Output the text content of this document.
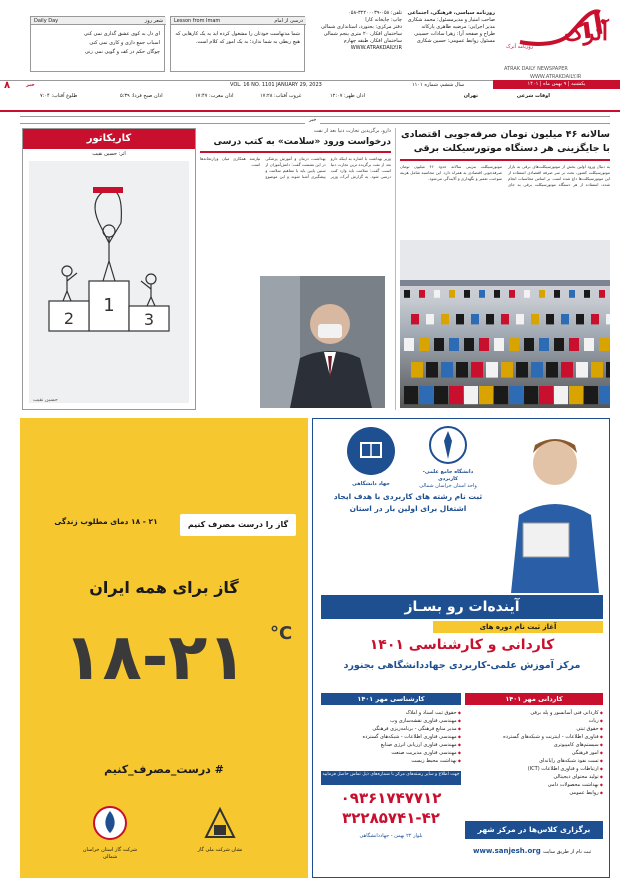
Daily Day	شعر روز
ای دل به کوی عشق گذاری نمی کنی
اسباب جمع داری و کاری نمی کنی
چوگان حکم در کف و گویی نمی زنی
Lesson from Imam	درسی از امام
شما مدتهاست خودتان را مشغول کرده اید به یک کارهایی که هیچ ربطی به شما ندارد؛ به یک امور که کلام است.
تلفن: ۰۵۸-۳۲۲۰۰۰۳۹-۰۵۸
چاپ: چاپخانه کارا
دفتر مرکزی: بجنورد، استانداری شمالی
ساختمان افکار، ۲۰ متری پنجم شمالی ساختمان افکار، طبقه چهارم
WWW.ATRAKDAILY.IR
روزنامه سیاسی، فرهنگی، اجتماعی
صاحب امتیاز و مدیرمسئول: محمد شکاری
مدیر اجرایی: مرضیه طاهری پارکانه
طراح و صفحه آرا: زهرا سادات حسینی
مسئول روابط عمومی: حسین شکاری	آترک
روزنامه آترک
ATRAK DAILY NEWSPAPER
WWW.ATRAKDAILY.IR
یکشنبه | ۹ بهمن ماه | ۱۴۰۱
سال ششم، شماره ۱۱۰۱
VOL. 16 NO. 1101 JANUARY 29, 2023
خبر
۸
اوقات شرعی
تهران
اذان ظهر: ۱۲:۰۷
غروب آفتاب: ۱۷:۲۸
اذان مغرب: ۱۷:۴۷
اذان صبح فردا: ۵:۳۹
طلوع آفتاب: ۷:۰۴
خبر
سالانه ۴۶ میلیون تومان صرفه‌جویی اقتصادی با جایگزینی هر دستگاه موتورسیکلت برقی
به دنبال ورود اولین بخش از موتورسیکلت‌های برقی به بازار موتورسیکلت کشور، بحث بر سر صرفه اقتصادی استفاده از این موتورسیکلت‌ها داغ شده است. بر اساس محاسبات انجام شده، استفاده از هر دستگاه موتورسیکلت برقی به جای موتورسیکلت بنزینی سالانه حدود ۴۶ میلیون تومان صرفه‌جویی اقتصادی به همراه دارد. این محاسبه شامل هزینه سوخت، تعمیر و نگهداری و آلایندگی می‌شود.
دارو، برگزیدین تجارت دنیا بعد از نفت
درخواست ورود «سلامت» به کتب درسی
وزیر بهداشت با اشاره به اینکه دارو بعد از نفت برگزیده ترین تجارت دنیا است، گفت: سلامت باید وارد کتب درسی شود. به گزارش آترک، وزیر بهداشت، درمان و آموزش پزشکی در این نشست گفت: دانش‌آموزان از سنین پایین باید با مفاهیم سلامت و پیشگیری آشنا شوند و این موضوع نیازمند همکاری میان وزارتخانه‌ها است.
کاریکاتور
اثر: حسین نقیب
1
2	3
حسین نقیب
گاز را درست مصرف کنیم
۲۱ - ۱۸ دمای مطلوب زندگی
گاز برای همه ایران
۱۸-۲۱	°C
# درست_مصرف_کنیم
شرکت گاز استان خراسان شمالی
نشان شرکت ملی گاز
جهاد دانشگاهی
دانشگاه جامع علمی-کاربردی
واحد استان خراسان شمالی
ثبت نام رشته های کاربردی با هدف ایجاد اشتغال برای اولین بار در استان
آینده‌ات رو بسـاز
آغاز ثبت نام دوره های
کاردانی و کارشناسی ۱۴۰۱
مرکز آموزش علمی-کاربردی جهاددانشگاهی بجنورد
کارشناسی مهر ۱۴۰۱
◆ حقوق ثبت اسناد و املاک
◆ مهندسی فناوری نقشه‌سازی وب
◆ مدیر منابع فرهنگی - برنامه‌ریزی فرهنگی
◆ مهندسی فناوری اطلاعات - شبکه‌های گسترده
◆ مهندسی فناوری ارزیابی انرژی صنایع
◆ مهندسی فناوری مدیریت صنعت
◆ بهداشت محیط زیست
کاردانی مهر ۱۴۰۱
◆ کاردانی فنی آسانسور و پله برقی
◆ ربات
◆ حقوق ثبتی
◆ فناوری اطلاعات - اینترنت و شبکه‌های گسترده
◆ سیستم‌های کامپیوتری
◆ امور فرهنگی
◆ تست نفوذ شبکه‌های رایانه‌ای
◆ ارتباطات و فناوری اطلاعات (ICT)
◆ تولید محتوای دیجیتالی
◆ بهداشت محصولات دامی
◆ روابط عمومی
جهت اطلاع و سایر رشته‌های مرکز با شماره‌های ذیل تماس حاصل فرمایید
۰۹۳۶۱۷۴۷۷۱۲
۳۲۲۸۵۷۴۱-۴۲
بلوار ۲۲ بهمن - جهاددانشگاهی
برگزاری کلاس‌ها در مرکز شهر
www.sanjesh.org ثبت نام از طریق سایت
